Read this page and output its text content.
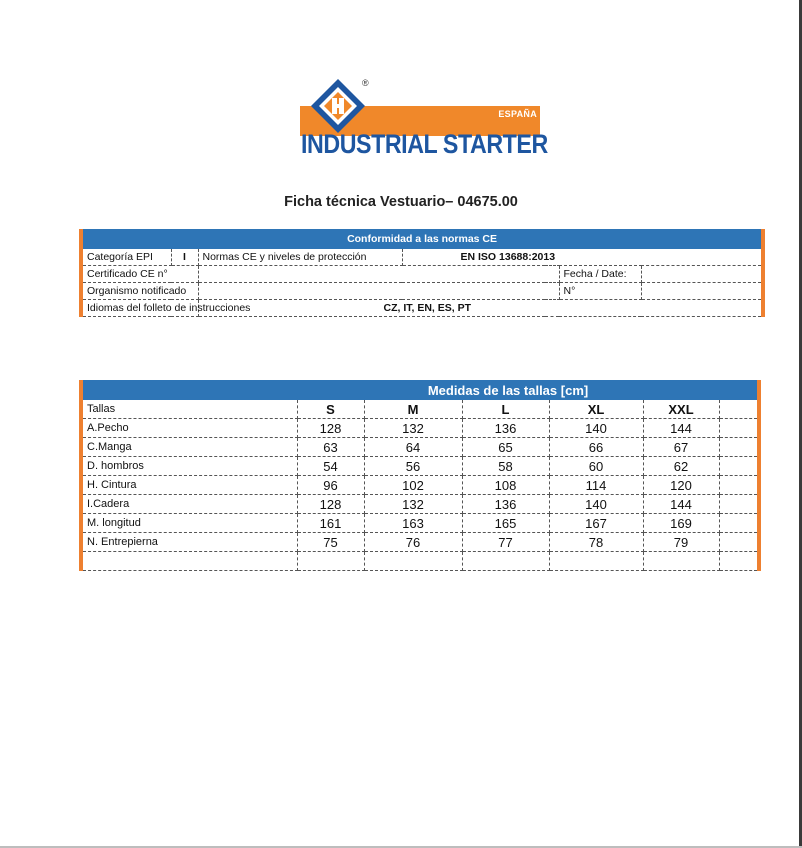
®
ESPAÑA
INDUSTRIAL STARTER
Ficha técnica Vestuario– 04675.00
Conformidad a las normas CE					
Categoría EPI	I	Normas CE y niveles de protección	EN ISO 13688:2013		
Certificado CE n°				Fecha / Date:	
Organismo notificado				N°	
Idiomas del folleto de instrucciones		CZ, IT, EN, ES, PT			
	Medidas de las tallas [cm]					
Tallas	S	M	L	XL	XXL	
A.Pecho	128	132	136	140	144	
C.Manga	63	64	65	66	67	
D. hombros	54	56	58	60	62	
H. Cintura	96	102	108	114	120	
I.Cadera	128	132	136	140	144	
M. longitud	161	163	165	167	169	
N. Entrepierna	75	76	77	78	79	
